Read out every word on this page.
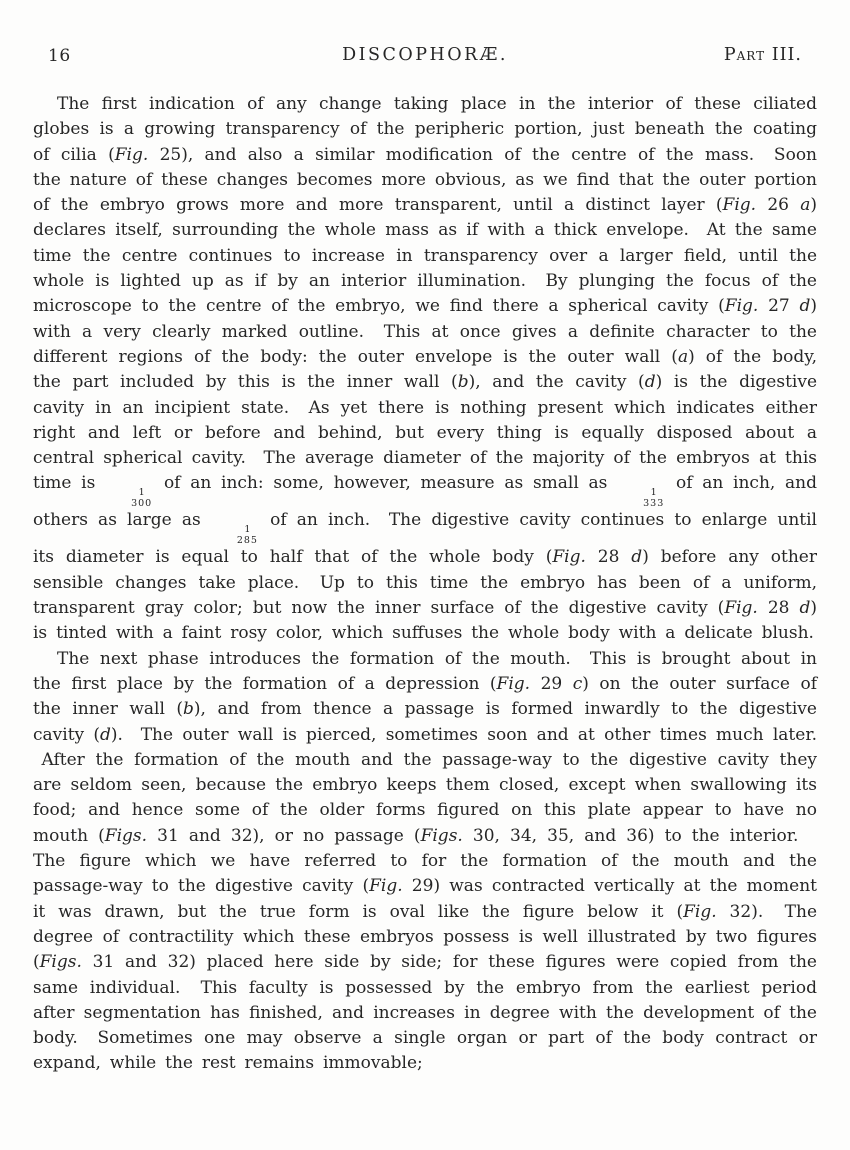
16	DISCOPHORÆ.	Part III.

The first indication of any change taking place in the interior of these ciliated globes is a growing transparency of the peripheric portion, just beneath the coating of cilia (Fig. 25), and also a similar modification of the centre of the mass.  Soon the nature of these changes becomes more obvious, as we find that the outer portion of the embryo grows more and more transparent, until a distinct layer (Fig. 26 a) declares itself, surrounding the whole mass as if with a thick envelope.  At the same time the centre continues to increase in transparency over a larger field, until the whole is lighted up as if by an interior illumination.  By plunging the focus of the microscope to the centre of the embryo, we find there a spherical cavity (Fig. 27 d) with a very clearly marked outline.  This at once gives a definite character to the different regions of the body: the outer envelope is the outer wall (a) of the body, the part included by this is the inner wall (b), and the cavity (d) is the digestive cavity in an incipient state.  As yet there is nothing present which indicates either right and left or before and behind, but every thing is equally disposed about a central spherical cavity.  The average diameter of the majority of the embryos at this time is	1
300
of an inch: some, however, measure as small as	1
333
of an inch, and others as large as	1
285
of an inch.  The digestive cavity continues to enlarge until its diameter is equal to half that of the whole body (Fig. 28 d) before any other sensible changes take place.  Up to this time the embryo has been of a uniform, transparent gray color; but now the inner surface of the digestive cavity (Fig. 28 d) is tinted with a faint rosy color, which suffuses the whole body with a delicate blush.

The next phase introduces the formation of the mouth.  This is brought about in the first place by the formation of a depression (Fig. 29 c) on the outer surface of the inner wall (b), and from thence a passage is formed inwardly to the digestive cavity (d).  The outer wall is pierced, sometimes soon and at other times much later.  After the formation of the mouth and the passage-way to the digestive cavity they are seldom seen, because the embryo keeps them closed, except when swallowing its food; and hence some of the older forms figured on this plate appear to have no mouth (Figs. 31 and 32), or no passage (Figs. 30, 34, 35, and 36) to the interior.  The figure which we have referred to for the formation of the mouth and the passage-way to the digestive cavity (Fig. 29) was contracted vertically at the moment it was drawn, but the true form is oval like the figure below it (Fig. 32).  The degree of contractility which these embryos possess is well illustrated by two figures (Figs. 31 and 32) placed here side by side; for these figures were copied from the same individual.  This faculty is possessed by the embryo from the earliest period after segmentation has finished, and increases in degree with the development of the body.  Sometimes one may observe a single organ or part of the body contract or expand, while the rest remains immovable;
